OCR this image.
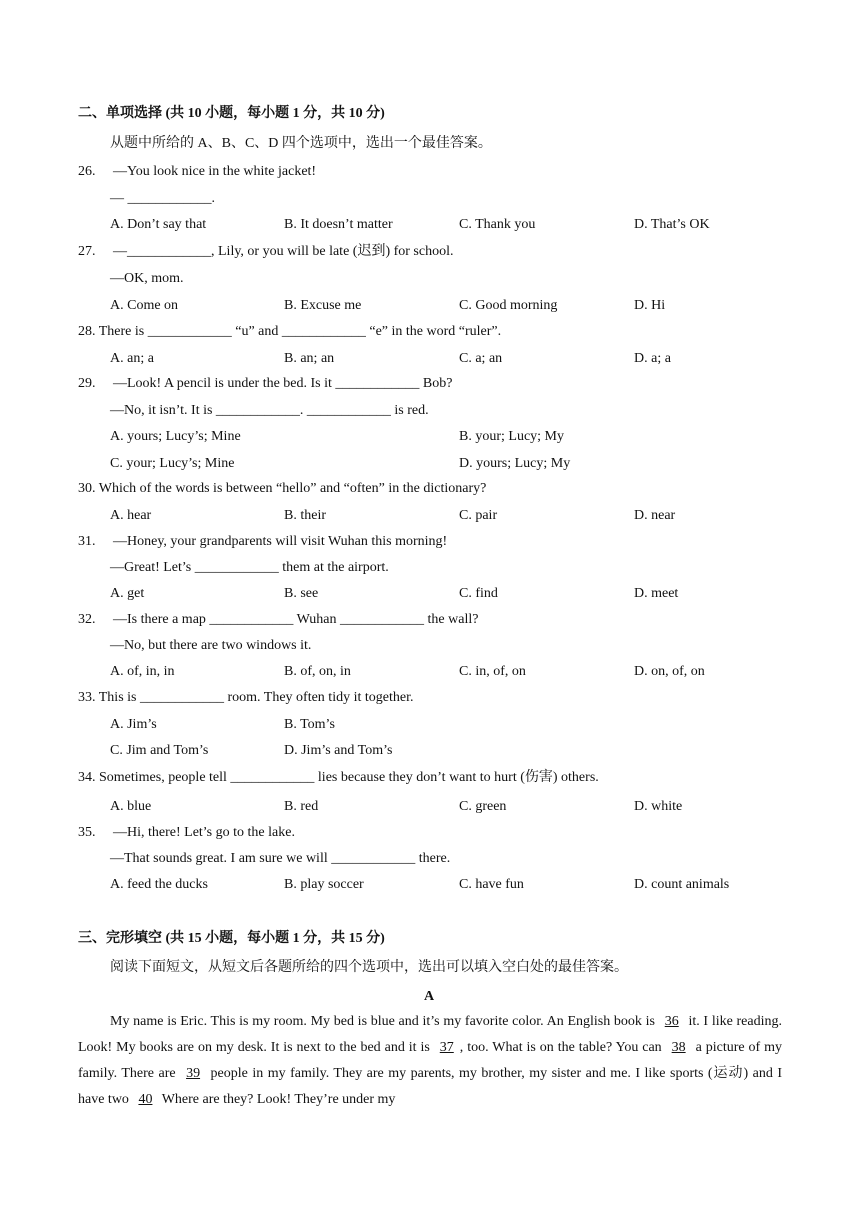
二、单项选择 (共 10 小题，每小题 1 分，共 10 分)
从题中所给的 A、B、C、D 四个选项中，选出一个最佳答案。
26.　 —You look nice in the white jacket!
— ____________.
A. Don’t say that	B. It doesn’t matter	C. Thank you	D. That’s OK
27.　 —____________, Lily, or you will be late (迟到) for school.
—OK, mom.
A. Come on	B. Excuse me	C. Good morning	D. Hi
28. There is ____________ “u” and ____________ “e” in the word “ruler”.
A. an; a	B. an; an	C. a; an	D. a; a
29.　 —Look! A pencil is under the bed. Is it ____________ Bob?
—No, it isn’t. It is ____________. ____________ is red.
A. yours; Lucy’s; Mine	B. your; Lucy; My
C. your; Lucy’s; Mine	D. yours; Lucy; My
30. Which of the words is between “hello” and “often” in the dictionary?
A. hear	B. their	C. pair	D. near
31.　 —Honey, your grandparents will visit Wuhan this morning!
—Great! Let’s ____________ them at the airport.
A. get	B. see	C. find	D. meet
32.　 —Is there a map ____________ Wuhan ____________ the wall?
—No, but there are two windows it.
A. of, in, in	B. of, on, in	C. in, of, on	D. on, of, on
33. This is ____________ room. They often tidy it together.
A. Jim’s	B. Tom’s
C. Jim and Tom’s	D. Jim’s and Tom’s
34. Sometimes, people tell ____________ lies because they don’t want to hurt (伤害) others.
A. blue	B. red	C. green	D. white
35.　 —Hi, there! Let’s go to the lake.
—That sounds great. I am sure we will ____________ there.
A. feed the ducks	B. play soccer	C. have fun	D. count animals
三、完形填空 (共 15 小题，每小题 1 分，共 15 分)
阅读下面短文，从短文后各题所给的四个选项中，选出可以填入空白处的最佳答案。
A
My name is Eric. This is my room. My bed is blue and it’s my favorite color. An English book is 36 it. I like reading. Look! My books are on my desk. It is next to the bed and it is 37 , too. What is on the table? You can 38 a picture of my family. There are 39 people in my family. They are my parents, my brother, my sister and me. I like sports (运动) and I have two 40 Where are they? Look! They’re under my
